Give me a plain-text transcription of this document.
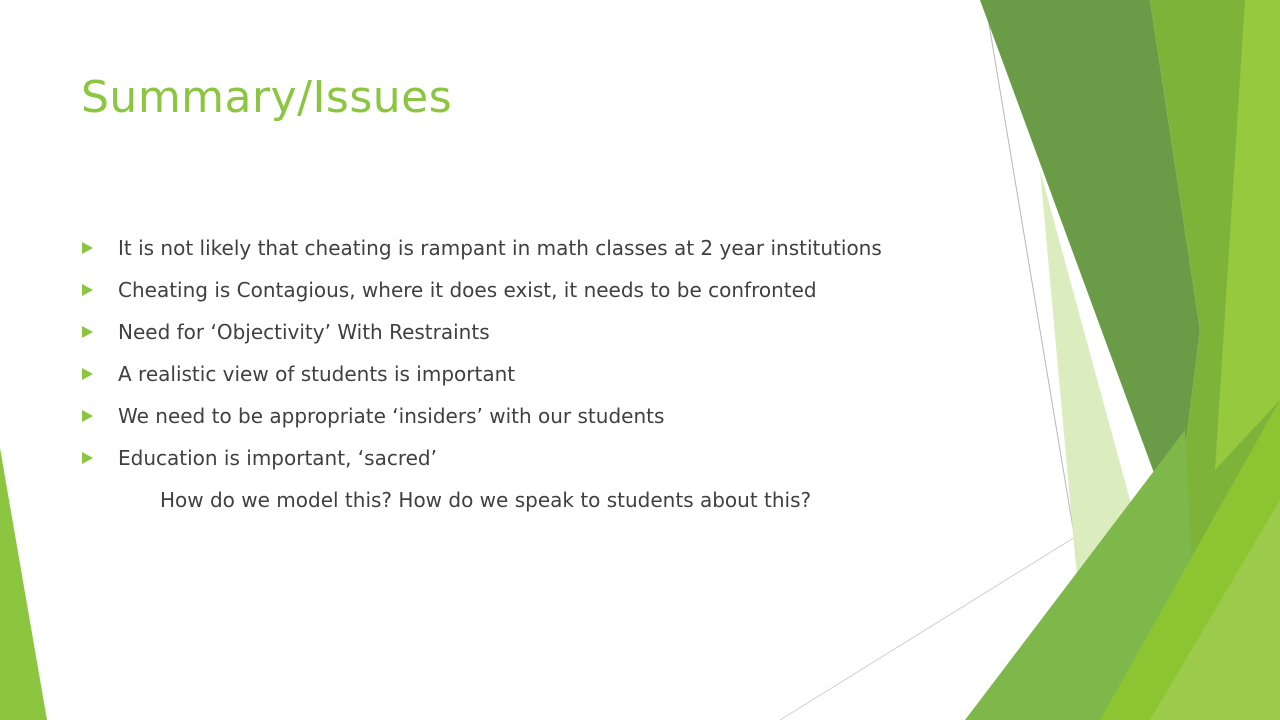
Summary/Issues
It is not likely that cheating is rampant in math classes at 2 year institutions
Cheating is Contagious, where it does exist, it needs to be confronted
Need for ‘Objectivity’ With Restraints
A realistic view of students is important
We need to be appropriate ‘insiders’ with our students
Education is important, ‘sacred’
How do we model this? How do we speak to students about this?
